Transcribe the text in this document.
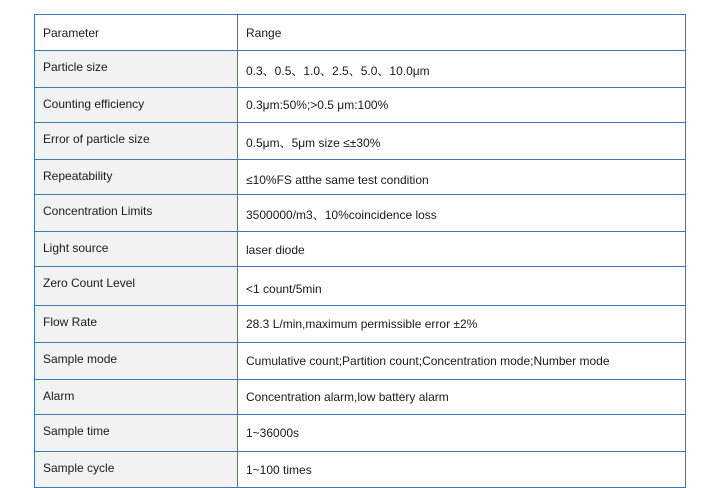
Parameter	Range
Particle size	0.3、0.5、1.0、2.5、5.0、10.0μm
Counting efficiency	0.3μm:50%;>0.5 μm:100%
Error of particle size	0.5μm、5μm size ≤±30%
Repeatability	≤10%FS atthe same test condition
Concentration Limits	3500000/m3、10%coincidence loss
Light source	laser diode
Zero Count Level	<1 count/5min
Flow Rate	28.3 L/min,maximum permissible error ±2%
Sample mode	Cumulative count;Partition count;Concentration mode;Number mode
Alarm	Concentration alarm,low battery alarm
Sample time	1~36000s
Sample cycle	1~100 times
